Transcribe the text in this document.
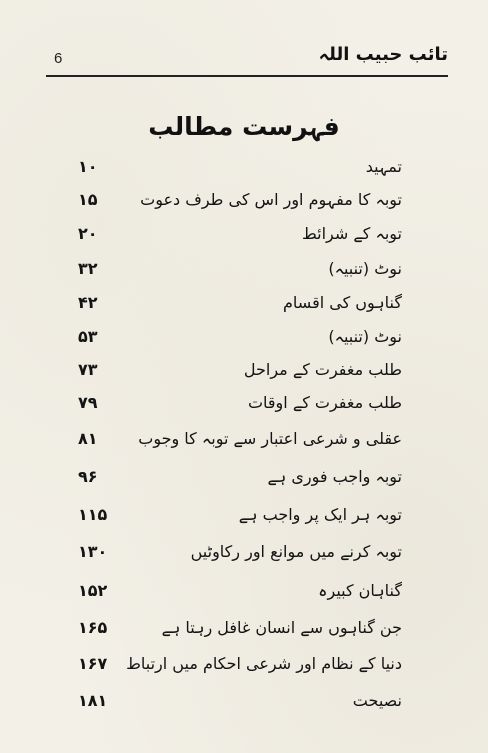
6	تائب حبیب اللہ
فہرست مطالب
تمہید
۱۰
توبہ کا مفہوم اور اس کی طرف دعوت
۱۵
توبہ کے شرائط
۲۰
نوٹ (تنبیہ)
۳۲
گناہوں کی اقسام
۴۲
نوٹ (تنبیہ)
۵۳
طلب مغفرت کے مراحل
۷۳
طلب مغفرت کے اوقات
۷۹
عقلی و شرعی اعتبار سے توبہ کا وجوب
۸۱
توبہ واجب فوری ہے
۹۶
توبہ ہر ایک پر واجب ہے
۱۱۵
توبہ کرنے میں موانع اور رکاوٹیں
۱۳۰
گناہان کبیرہ
۱۵۲
جن گناہوں سے انسان غافل رہتا ہے
۱۶۵
دنیا کے نظام اور شرعی احکام میں ارتباط
۱۶۷
نصیحت
۱۸۱
